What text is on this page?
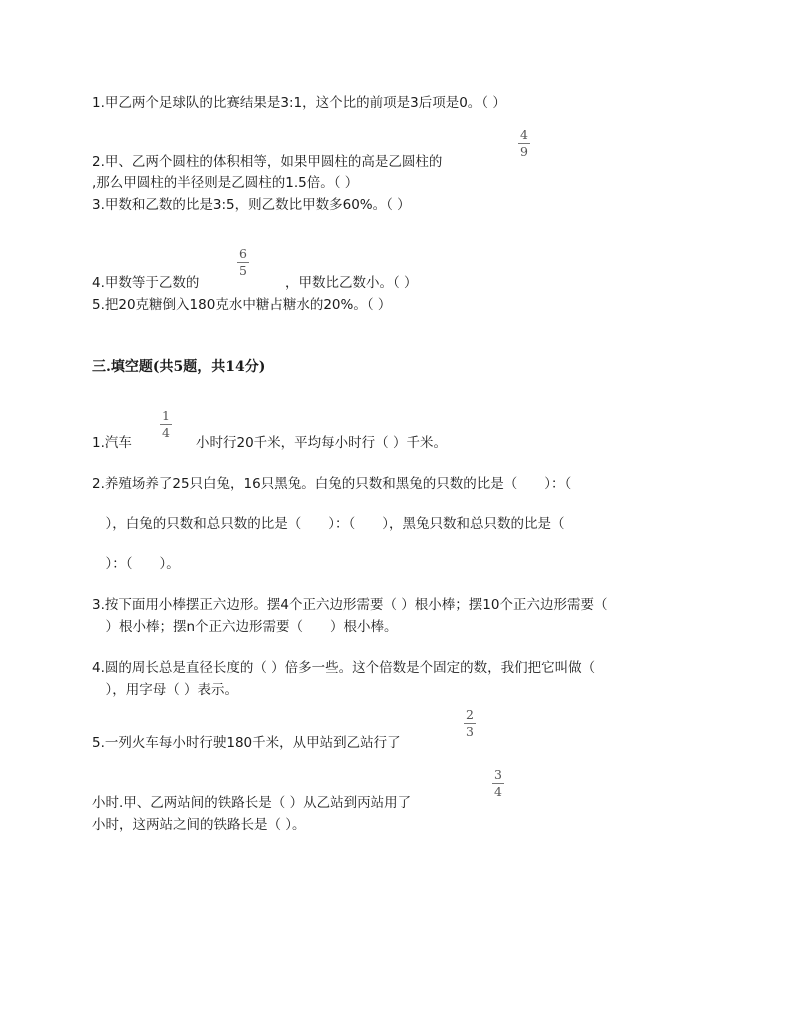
1.甲乙两个足球队的比赛结果是3:1，这个比的前项是3后项是0。（ ）
4
9
2.甲、乙两个圆柱的体积相等，如果甲圆柱的高是乙圆柱的
,那么甲圆柱的半径则是乙圆柱的1.5倍。（ ）
3.甲数和乙数的比是3:5，则乙数比甲数多60%。（ ）
6
5
4.甲数等于乙数的	，甲数比乙数小。（ ）
5.把20克糖倒入180克水中糖占糖水的20%。（ ）
三.填空题(共5题，共14分)
1
4
1.汽车	小时行20千米，平均每小时行（ ）千米。
2.养殖场养了25只白兔，16只黑兔。白兔的只数和黑兔的只数的比是（　　）：（
　），白兔的只数和总只数的比是（　　）：（　　），黑兔只数和总只数的比是（
　）：（　　）。
3.按下面用小棒摆正六边形。摆4个正六边形需要（ ）根小棒；摆10个正六边形需要（
　）根小棒；摆n个正六边形需要（　　）根小棒。
4.圆的周长总是直径长度的（ ）倍多一些。这个倍数是个固定的数，我们把它叫做（
　），用字母（ ）表示。
2
3
5.一列火车每小时行驶180千米，从甲站到乙站行了
3
4
小时.甲、乙两站间的铁路长是（ ）从乙站到丙站用了
小时，这两站之间的铁路长是（ ）。
